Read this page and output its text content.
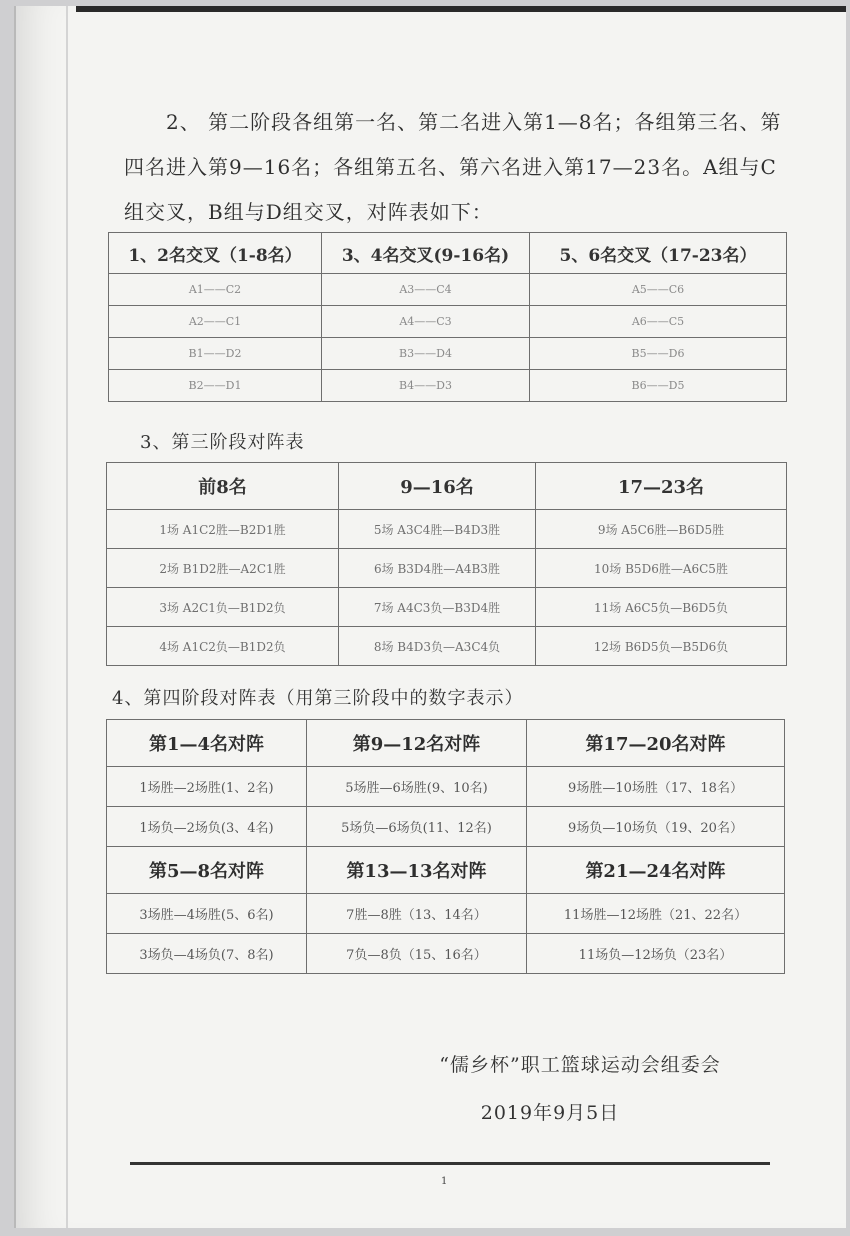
2、 第二阶段各组第一名、第二名进入第1—8名；各组第三名、第四名进入第9—16名；各组第五名、第六名进入第17—23名。A组与C组交叉，B组与D组交叉，对阵表如下：

1、2名交叉（1-8名）	3、4名交叉(9-16名)	5、6名交叉（17-23名）
A1——C2	A3——C4	A5——C6
A2——C1	A4——C3	A6——C5
B1——D2	B3——D4	B5——D6
B2——D1	B4——D3	B6——D5
3、第三阶段对阵表
前8名	9—16名	17—23名
1场 A1C2胜—B2D1胜	5场 A3C4胜—B4D3胜	9场 A5C6胜—B6D5胜
2场 B1D2胜—A2C1胜	6场 B3D4胜—A4B3胜	10场 B5D6胜—A6C5胜
3场 A2C1负—B1D2负	7场 A4C3负—B3D4胜	11场 A6C5负—B6D5负
4场 A1C2负—B1D2负	8场 B4D3负—A3C4负	12场 B6D5负—B5D6负
4、第四阶段对阵表（用第三阶段中的数字表示）
第1—4名对阵	第9—12名对阵	第17—20名对阵
1场胜—2场胜(1、2名)	5场胜—6场胜(9、10名)	9场胜—10场胜（17、18名）
1场负—2场负(3、4名)	5场负—6场负(11、12名)	9场负—10场负（19、20名）
第5—8名对阵	第13—13名对阵	第21—24名对阵
3场胜—4场胜(5、6名)	7胜—8胜（13、14名）	11场胜—12场胜（21、22名）
3场负—4场负(7、8名)	7负—8负（15、16名）	11场负—12场负（23名）
“儒乡杯”职工篮球运动会组委会
2019年9月5日
1
